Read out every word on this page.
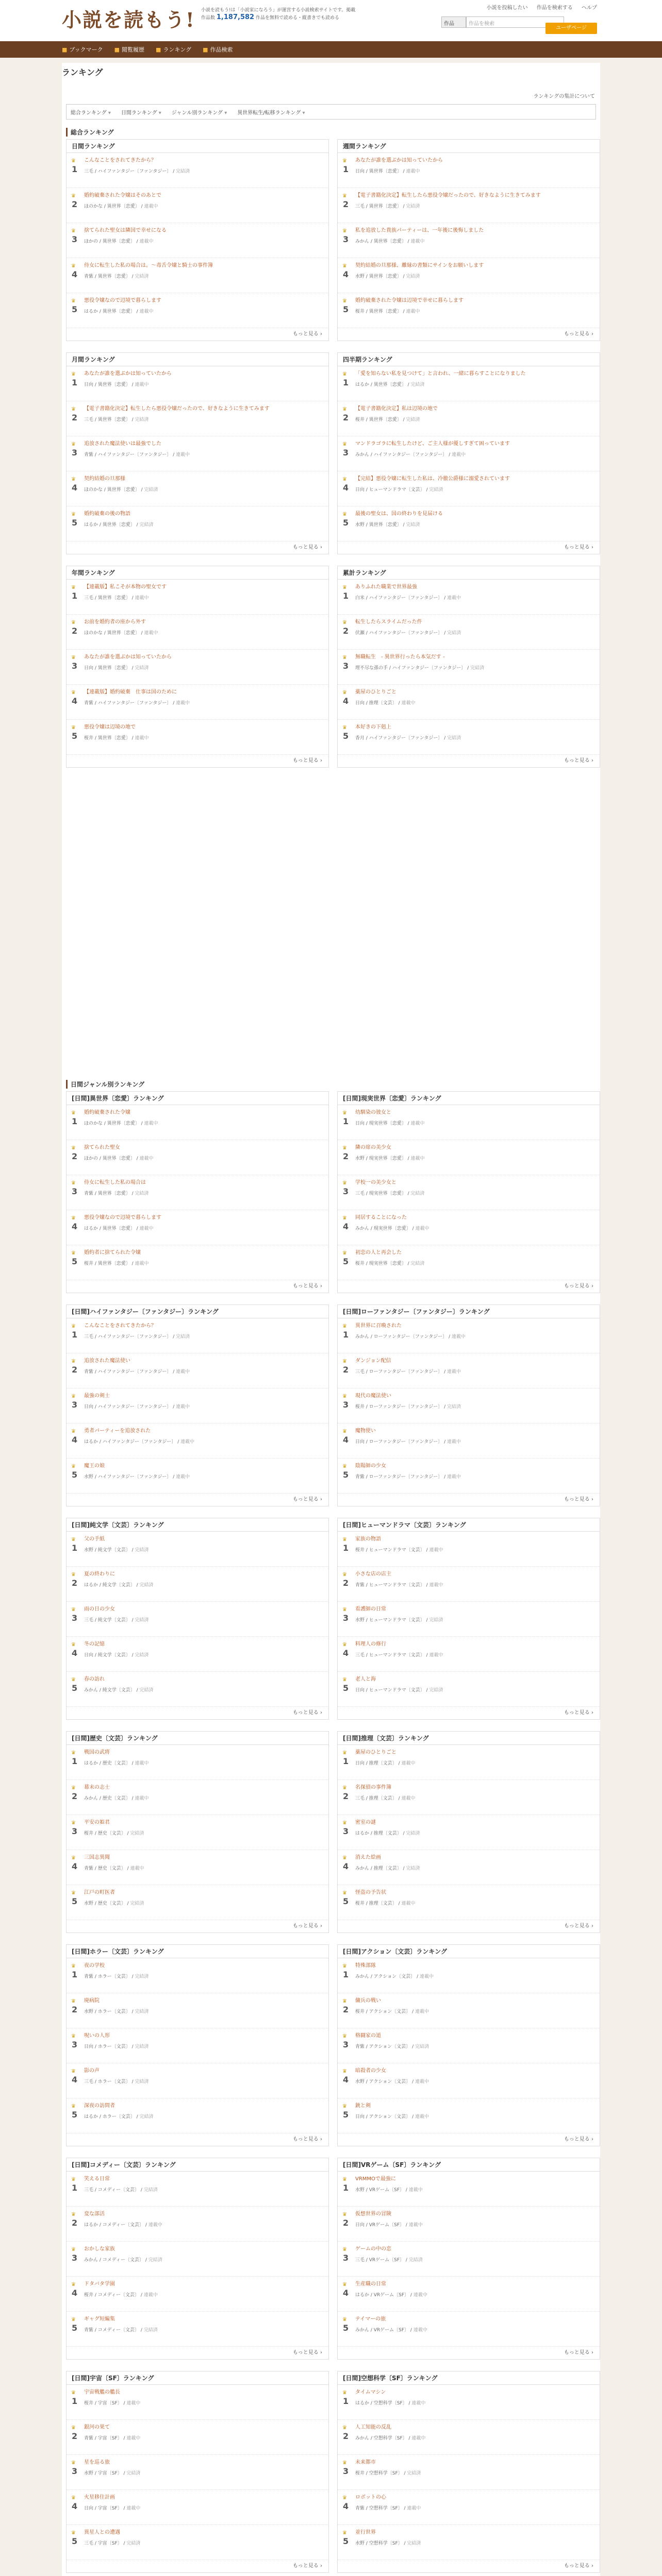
小説を読もう! 小説を読もう!は「小説家になろう」が運営する小説検索サイトです。掲載作品数 1,187,582 作品を無料で読める・縦書きでも読める
小説を投稿したい 作品を検索する ヘルプ
作品	作品を検索
■ ブックマーク ■ 閲覧履歴 ■ ランキング ■ 作品検索
ユーザページ
ランキングの集計について
総合ランキング ▾	日間ランキング ▾	ジャンル別ランキング ▾	異世界転生/転移ランキング ▾
総合ランキング
日間ジャンル別ランキング
日間ランキング
♛
1
こんなことをされてきたから？
三毛 / ハイファンタジー〔ファンタジー〕 / 完結済
♛
2
婚約破棄された令嬢はそのあとで
ほのかな / 異世界〔恋愛〕 / 連載中
♛
3
捨てられた聖女は隣国で幸せになる
ほかの / 異世界〔恋愛〕 / 連載中
♛
4
侍女に転生した私の場合は。～毒舌令嬢と騎士の事件簿
青紫 / 異世界〔恋愛〕 / 完結済
♛
5
悪役令嬢なので辺境で暮らします
はるか / 異世界〔恋愛〕 / 連載中
もっと見る ›
週間ランキング
♛
1
あなたが誰を選ぶかは知っていたから
日向 / 異世界〔恋愛〕 / 連載中
♛
2
【電子書籍化決定】転生したら悪役令嬢だったので、好きなように生きてみます
三毛 / 異世界〔恋愛〕 / 完結済
♛
3
私を追放した貴族パーティーは、一年後に後悔しました
みかん / 異世界〔恋愛〕 / 連載中
♛
4
契約結婚の旦那様、離縁の書類にサインをお願いします
水野 / 異世界〔恋愛〕 / 完結済
♛
5
婚約破棄された令嬢は辺境で幸せに暮らします
桜井 / 異世界〔恋愛〕 / 連載中
もっと見る ›
月間ランキング
♛
1
あなたが誰を選ぶかは知っていたから
日向 / 異世界〔恋愛〕 / 連載中
♛
2
【電子書籍化決定】転生したら悪役令嬢だったので、好きなように生きてみます
三毛 / 異世界〔恋愛〕 / 完結済
♛
3
追放された魔法使いは最強でした
青紫 / ハイファンタジー〔ファンタジー〕 / 連載中
♛
4
契約結婚の旦那様
ほのかな / 異世界〔恋愛〕 / 完結済
♛
5
婚約破棄の後の物語
はるか / 異世界〔恋愛〕 / 完結済
もっと見る ›
四半期ランキング
♛
1
「愛を知らない私を見つけて」と言われ、一緒に暮らすことになりました
はるか / 異世界〔恋愛〕 / 完結済
♛
2
【電子書籍化決定】私は辺境の地で
桜井 / 異世界〔恋愛〕 / 完結済
♛
3
マンドラゴラに転生したけど、ご主人様が優しすぎて困っています
みかん / ハイファンタジー〔ファンタジー〕 / 連載中
♛
4
【完結】悪役令嬢に転生した私は、冷徹公爵様に溺愛されています
日向 / ヒューマンドラマ〔文芸〕 / 完結済
♛
5
最後の聖女は、国の終わりを見届ける
水野 / 異世界〔恋愛〕 / 完結済
もっと見る ›
年間ランキング
♛
1
【連載版】私こそが本物の聖女です
三毛 / 異世界〔恋愛〕 / 連載中
♛
2
お前を婚約者の座から外す
ほのかな / 異世界〔恋愛〕 / 連載中
♛
3
あなたが誰を選ぶかは知っていたから
日向 / 異世界〔恋愛〕 / 完結済
♛
4
【連載版】婚約破棄　仕事は国のために
青紫 / ハイファンタジー〔ファンタジー〕 / 連載中
♛
5
悪役令嬢は辺境の地で
桜井 / 異世界〔恋愛〕 / 連載中
もっと見る ›
累計ランキング
♛
1
ありふれた職業で世界最強
白米 / ハイファンタジー〔ファンタジー〕 / 連載中
♛
2
転生したらスライムだった件
伏瀬 / ハイファンタジー〔ファンタジー〕 / 完結済
♛
3
無職転生　- 異世界行ったら本気だす -
理不尽な孫の手 / ハイファンタジー〔ファンタジー〕 / 完結済
♛
4
薬屋のひとりごと
日向 / 推理〔文芸〕 / 連載中
♛
5
本好きの下剋上
香月 / ハイファンタジー〔ファンタジー〕 / 完結済
もっと見る ›
[日間]異世界〔恋愛〕ランキング
♛
1
婚約破棄された令嬢
ほのかな / 異世界〔恋愛〕 / 連載中
♛
2
捨てられた聖女
ほかの / 異世界〔恋愛〕 / 連載中
♛
3
侍女に転生した私の場合は
青紫 / 異世界〔恋愛〕 / 完結済
♛
4
悪役令嬢なので辺境で暮らします
はるか / 異世界〔恋愛〕 / 連載中
♛
5
婚約者に捨てられた令嬢
桜井 / 異世界〔恋愛〕 / 連載中
もっと見る ›
[日間]現実世界〔恋愛〕ランキング
♛
1
幼馴染の彼女と
日向 / 現実世界〔恋愛〕 / 連載中
♛
2
隣の席の美少女
水野 / 現実世界〔恋愛〕 / 連載中
♛
3
学校一の美少女と
三毛 / 現実世界〔恋愛〕 / 完結済
♛
4
同居することになった
みかん / 現実世界〔恋愛〕 / 連載中
♛
5
初恋の人と再会した
桜井 / 現実世界〔恋愛〕 / 完結済
もっと見る ›
[日間]ハイファンタジー〔ファンタジー〕ランキング
♛
1
こんなことをされてきたから？
三毛 / ハイファンタジー〔ファンタジー〕 / 完結済
♛
2
追放された魔法使い
青紫 / ハイファンタジー〔ファンタジー〕 / 連載中
♛
3
最強の剣士
日向 / ハイファンタジー〔ファンタジー〕 / 連載中
♛
4
勇者パーティーを追放された
はるか / ハイファンタジー〔ファンタジー〕 / 連載中
♛
5
魔王の娘
水野 / ハイファンタジー〔ファンタジー〕 / 連載中
もっと見る ›
[日間]ローファンタジー〔ファンタジー〕ランキング
♛
1
異世界に召喚された
みかん / ローファンタジー〔ファンタジー〕 / 連載中
♛
2
ダンジョン配信
三毛 / ローファンタジー〔ファンタジー〕 / 連載中
♛
3
現代の魔法使い
桜井 / ローファンタジー〔ファンタジー〕 / 完結済
♛
4
魔物使い
日向 / ローファンタジー〔ファンタジー〕 / 連載中
♛
5
陰陽師の少女
青紫 / ローファンタジー〔ファンタジー〕 / 連載中
もっと見る ›
[日間]純文学〔文芸〕ランキング
♛
1
父の手紙
水野 / 純文学〔文芸〕 / 完結済
♛
2
夏の終わりに
はるか / 純文学〔文芸〕 / 完結済
♛
3
雨の日の少女
三毛 / 純文学〔文芸〕 / 完結済
♛
4
冬の記憶
日向 / 純文学〔文芸〕 / 完結済
♛
5
春の訪れ
みかん / 純文学〔文芸〕 / 完結済
もっと見る ›
[日間]ヒューマンドラマ〔文芸〕ランキング
♛
1
家族の物語
桜井 / ヒューマンドラマ〔文芸〕 / 連載中
♛
2
小さな店の店主
青紫 / ヒューマンドラマ〔文芸〕 / 連載中
♛
3
看護師の日常
水野 / ヒューマンドラマ〔文芸〕 / 完結済
♛
4
料理人の修行
三毛 / ヒューマンドラマ〔文芸〕 / 連載中
♛
5
老人と海
日向 / ヒューマンドラマ〔文芸〕 / 完結済
もっと見る ›
[日間]歴史〔文芸〕ランキング
♛
1
戦国の武将
はるか / 歴史〔文芸〕 / 連載中
♛
2
幕末の志士
みかん / 歴史〔文芸〕 / 連載中
♛
3
平安の姫君
桜井 / 歴史〔文芸〕 / 完結済
♛
4
三国志異聞
青紫 / 歴史〔文芸〕 / 連載中
♛
5
江戸の町医者
水野 / 歴史〔文芸〕 / 完結済
もっと見る ›
[日間]推理〔文芸〕ランキング
♛
1
薬屋のひとりごと
日向 / 推理〔文芸〕 / 連載中
♛
2
名探偵の事件簿
三毛 / 推理〔文芸〕 / 連載中
♛
3
密室の謎
はるか / 推理〔文芸〕 / 完結済
♛
4
消えた絵画
みかん / 推理〔文芸〕 / 完結済
♛
5
怪盗の予告状
桜井 / 推理〔文芸〕 / 連載中
もっと見る ›
[日間]ホラー〔文芸〕ランキング
♛
1
夜の学校
青紫 / ホラー〔文芸〕 / 完結済
♛
2
廃病院
水野 / ホラー〔文芸〕 / 完結済
♛
3
呪いの人形
日向 / ホラー〔文芸〕 / 完結済
♛
4
影の声
三毛 / ホラー〔文芸〕 / 完結済
♛
5
深夜の訪問者
はるか / ホラー〔文芸〕 / 完結済
もっと見る ›
[日間]アクション〔文芸〕ランキング
♛
1
特殊部隊
みかん / アクション〔文芸〕 / 連載中
♛
2
傭兵の戦い
桜井 / アクション〔文芸〕 / 連載中
♛
3
格闘家の道
青紫 / アクション〔文芸〕 / 完結済
♛
4
暗殺者の少女
水野 / アクション〔文芸〕 / 連載中
♛
5
銃と剣
日向 / アクション〔文芸〕 / 連載中
もっと見る ›
[日間]コメディー〔文芸〕ランキング
♛
1
笑える日常
三毛 / コメディー〔文芸〕 / 完結済
♛
2
変な部活
はるか / コメディー〔文芸〕 / 連載中
♛
3
おかしな家族
みかん / コメディー〔文芸〕 / 完結済
♛
4
ドタバタ学園
桜井 / コメディー〔文芸〕 / 連載中
♛
5
ギャグ短編集
青紫 / コメディー〔文芸〕 / 完結済
もっと見る ›
[日間]VRゲーム〔SF〕ランキング
♛
1
VRMMOで最強に
水野 / VRゲーム〔SF〕 / 連載中
♛
2
仮想世界の冒険
日向 / VRゲーム〔SF〕 / 連載中
♛
3
ゲームの中の恋
三毛 / VRゲーム〔SF〕 / 完結済
♛
4
生産職の日常
はるか / VRゲーム〔SF〕 / 連載中
♛
5
テイマーの旅
みかん / VRゲーム〔SF〕 / 連載中
もっと見る ›
[日間]宇宙〔SF〕ランキング
♛
1
宇宙戦艦の艦長
桜井 / 宇宙〔SF〕 / 連載中
♛
2
銀河の果て
青紫 / 宇宙〔SF〕 / 連載中
♛
3
星を巡る旅
水野 / 宇宙〔SF〕 / 完結済
♛
4
火星移住計画
日向 / 宇宙〔SF〕 / 連載中
♛
5
異星人との遭遇
三毛 / 宇宙〔SF〕 / 完結済
もっと見る ›
[日間]空想科学〔SF〕ランキング
♛
1
タイムマシン
はるか / 空想科学〔SF〕 / 連載中
♛
2
人工知能の反乱
みかん / 空想科学〔SF〕 / 連載中
♛
3
未来都市
桜井 / 空想科学〔SF〕 / 完結済
♛
4
ロボットの心
青紫 / 空想科学〔SF〕 / 連載中
♛
5
並行世界
水野 / 空想科学〔SF〕 / 完結済
もっと見る ›
ランキング
